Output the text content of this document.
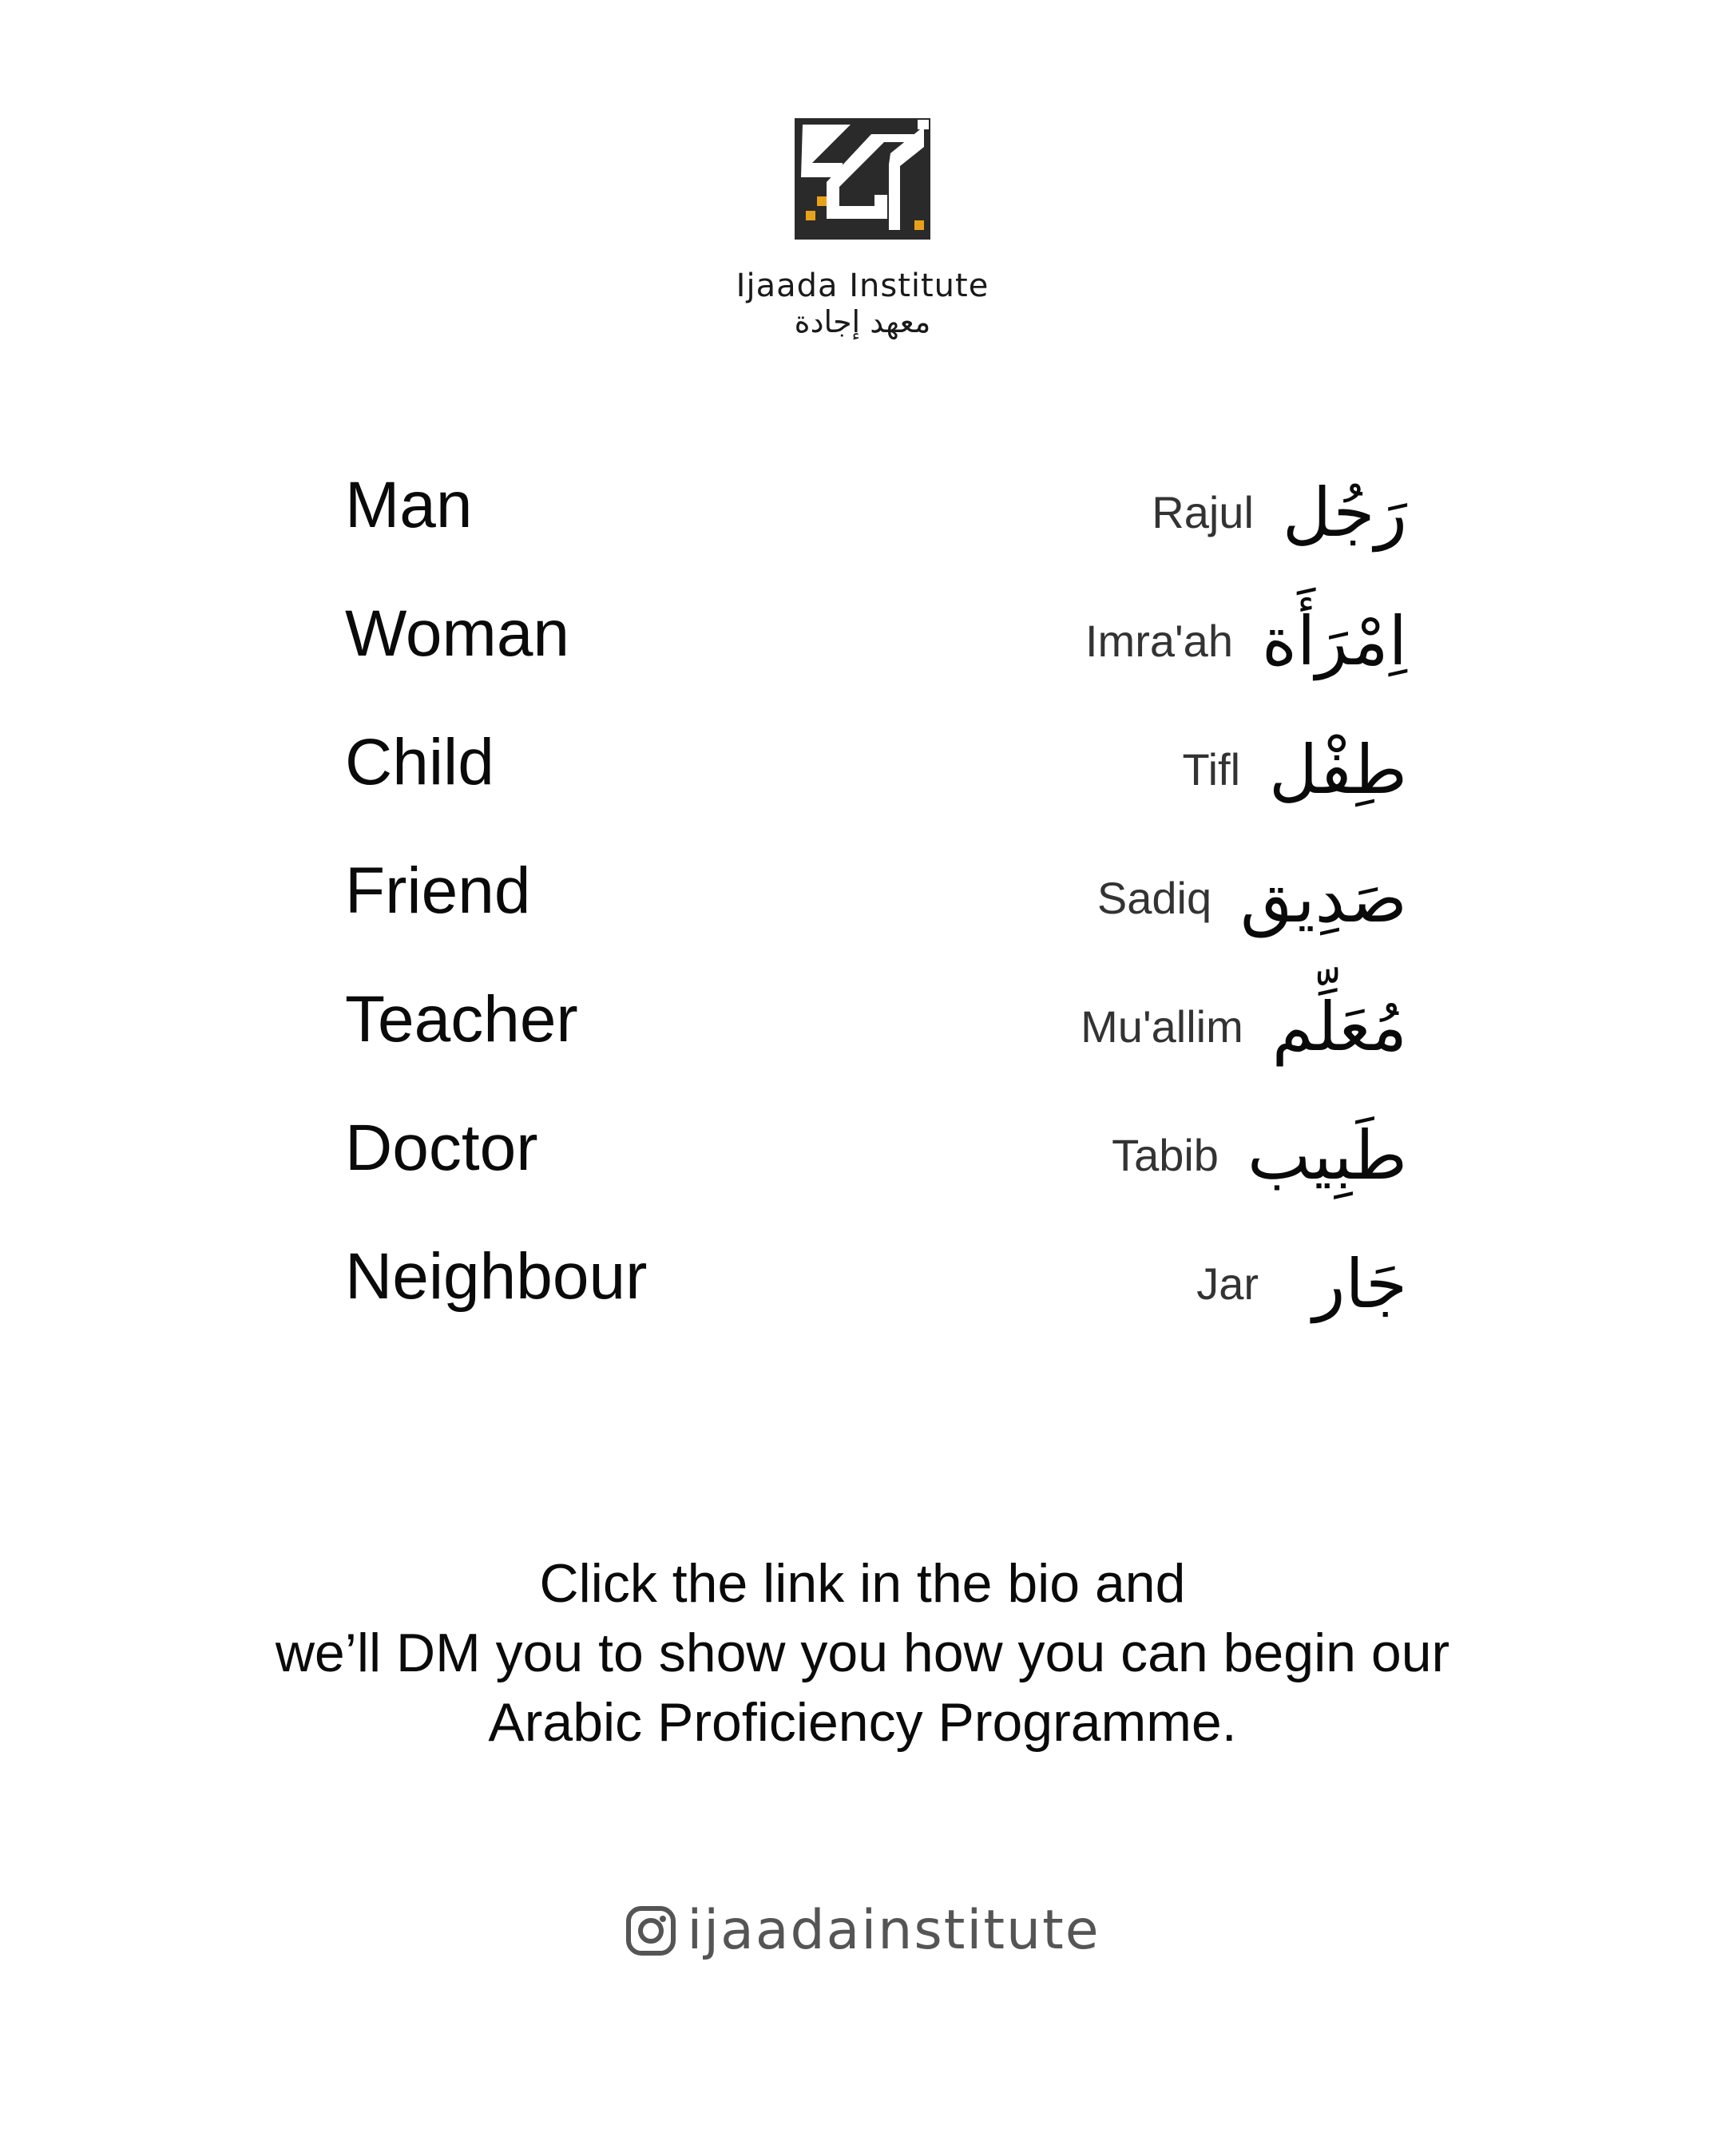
Ijaada Institute
معهد إجادة
Man	Rajul رَجُل
Woman	Imra'ah اِمْرَأَة
Child	Tifl طِفْل
Friend	Sadiq صَدِيق
Teacher	Mu'allim مُعَلِّم
Doctor	Tabib طَبِيب
Neighbour	Jar جَار
Click the link in the bio and
we’ll DM you to show you how you can begin our
Arabic Proficiency Programme.
ijaadainstitute
